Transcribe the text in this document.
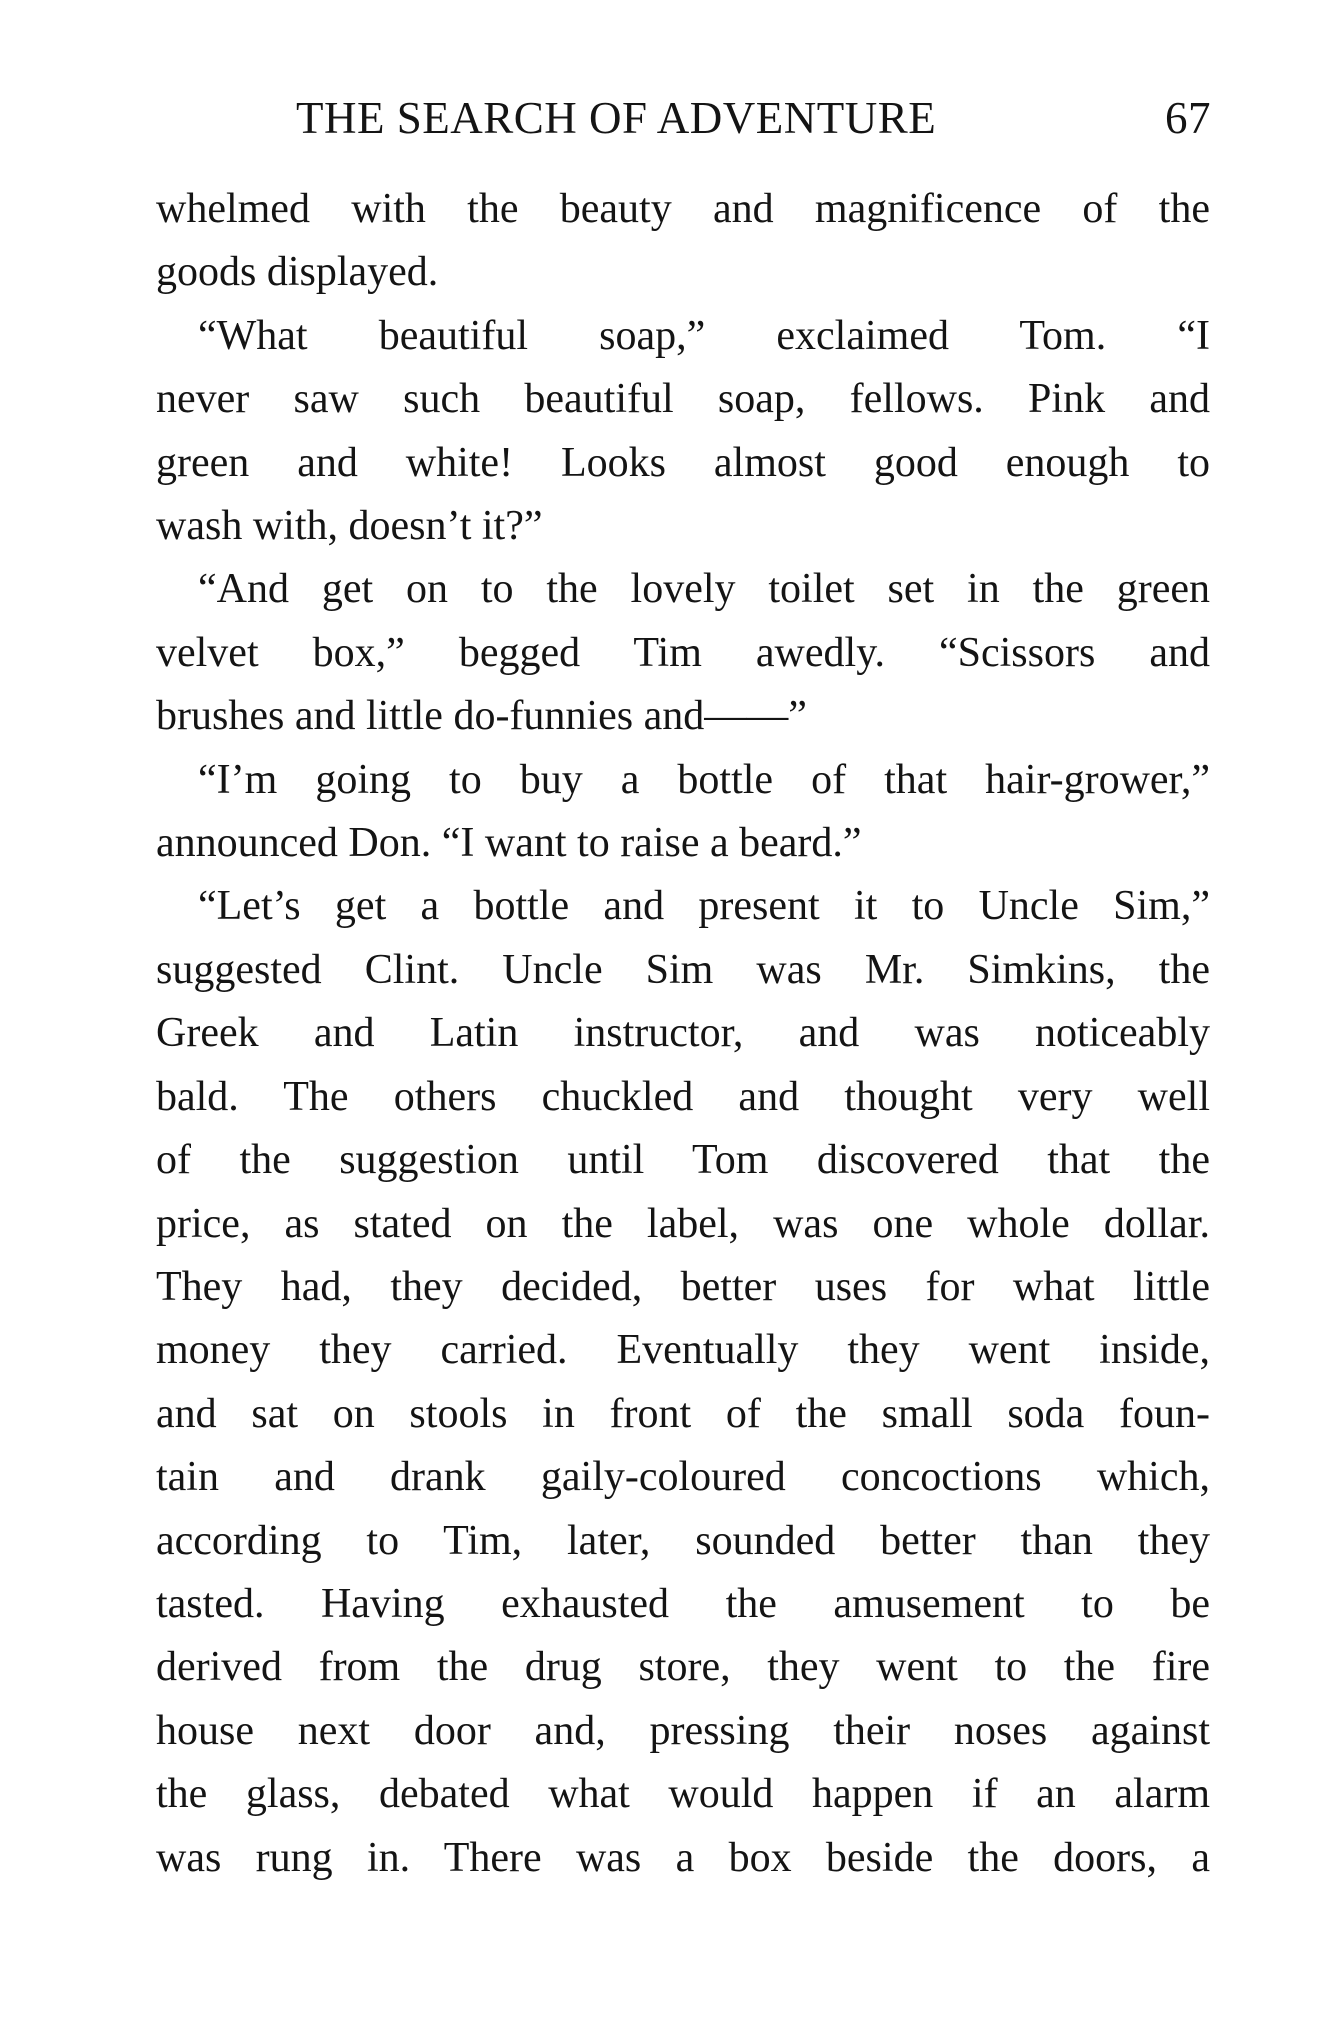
THE SEARCH OF ADVENTURE	67

whelmed with the beauty and magnificence of the

goods displayed.

“What beautiful soap,” exclaimed Tom. “I

never saw such beautiful soap, fellows. Pink and

green and white! Looks almost good enough to

wash with, doesn’t it?”

“And get on to the lovely toilet set in the green

velvet box,” begged Tim awedly. “Scissors and

brushes and little do-funnies and——”

“I’m going to buy a bottle of that hair-grower,”

announced Don. “I want to raise a beard.”

“Let’s get a bottle and present it to Uncle Sim,”

suggested Clint. Uncle Sim was Mr. Simkins, the

Greek and Latin instructor, and was noticeably

bald. The others chuckled and thought very well

of the suggestion until Tom discovered that the

price, as stated on the label, was one whole dollar.

They had, they decided, better uses for what little

money they carried. Eventually they went inside,

and sat on stools in front of the small soda foun-

tain and drank gaily-coloured concoctions which,

according to Tim, later, sounded better than they

tasted. Having exhausted the amusement to be

derived from the drug store, they went to the fire

house next door and, pressing their noses against

the glass, debated what would happen if an alarm

was rung in. There was a box beside the doors, a
